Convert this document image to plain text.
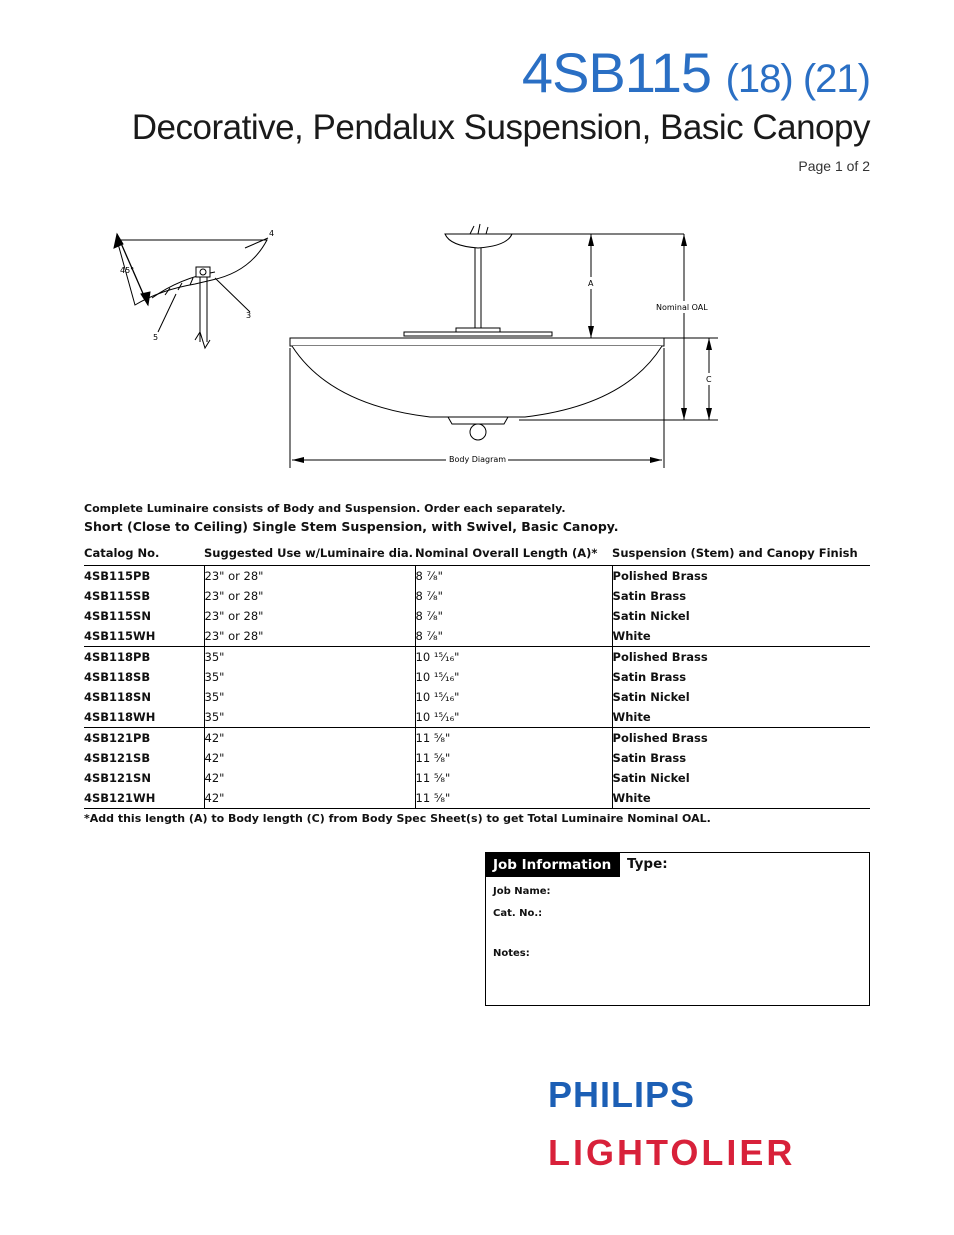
4SB115 (18) (21)
Decorative, Pendalux Suspension, Basic Canopy
Page 1 of 2
45°
4
3
5
A
C
Nominal OAL
Body Diagram
Complete Luminaire consists of Body and Suspension. Order each separately.
Short (Close to Ceiling) Single Stem Suspension, with Swivel, Basic Canopy.
Catalog No.	Suggested Use w/Luminaire dia.	Nominal Overall Length (A)*	Suspension (Stem) and Canopy Finish
4SB115PB	23" or 28"	8 ⁷⁄₈"	Polished Brass
4SB115SB	23" or 28"	8 ⁷⁄₈"	Satin Brass
4SB115SN	23" or 28"	8 ⁷⁄₈"	Satin Nickel
4SB115WH	23" or 28"	8 ⁷⁄₈"	White
4SB118PB	35"	10 ¹⁵⁄₁₆"	Polished Brass
4SB118SB	35"	10 ¹⁵⁄₁₆"	Satin Brass
4SB118SN	35"	10 ¹⁵⁄₁₆"	Satin Nickel
4SB118WH	35"	10 ¹⁵⁄₁₆"	White
4SB121PB	42"	11 ⁵⁄₈"	Polished Brass
4SB121SB	42"	11 ⁵⁄₈"	Satin Brass
4SB121SN	42"	11 ⁵⁄₈"	Satin Nickel
4SB121WH	42"	11 ⁵⁄₈"	White
*Add this length (A) to Body length (C) from Body Spec Sheet(s) to get Total Luminaire Nominal OAL.
Job Information	Type:
Job Name:
Cat. No.:
Notes:
PHILIPS
LIGHTOLIER
